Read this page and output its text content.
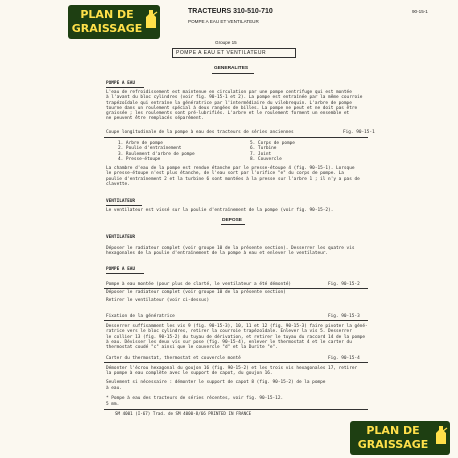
PLAN DE
GRAISSAGE
TRACTEURS 310-510-710
POMPE A EAU ET VENTILATEUR
90-15-1
Groupe 15
POMPE A EAU ET VENTILATEUR
GENERALITES
POMPE A EAU
L'eau de refroidissement est maintenue en circulation par une pompe centrifuge qui est montée
à l'avant du bloc cylindres (voir fig. 90-15-1 et 2). La pompe est entraînée par la même courroie
trapézoïdale qui entraîne la génératrice par l'intermédiaire du vilebrequin. L'arbre de pompe
tourne dans un roulement spécial à deux rangées de billes. La pompe ne peut et ne doit pas être
graissée ; les roulements sont pré-lubrifiés. L'arbre et le roulement forment un ensemble et
ne peuvent être remplacés séparément.
Coupe longitudinale de la pompe à eau des tracteurs de séries anciennes	Fig. 90-15-1
1. Arbre de pompe
2. Poulie d'entraînement
3. Roulement d'arbre de pompe
4. Presse-étoupe
5. Corps de pompe
6. Turbine
7. Joint
8. Couvercle
La chambre d'eau de la pompe est rendue étanche par le presse-étoupe 4 (fig. 90-15-1). Lorsque
le presse-étoupe n'est plus étanche, de l'eau sort par l'orifice "e" du corps de pompe. La
poulie d'entraînement 2 et la turbine 6 sont montées à la presse sur l'arbre 1 ; il n'y a pas de
clavette.
VENTILATEUR
Le ventilateur est vissé sur la poulie d'entraînement de la pompe (voir fig. 90-15-2).
DEPOSE
VENTILATEUR
Déposer le radiateur complet (voir groupe 10 de la présente section). Desserrer les quatre vis
hexagonales de la poulie d'entraînement de la pompe à eau et enlever le ventilateur.
POMPE A EAU
Pompe à eau montée (pour plus de clarté, le ventilateur a été démonté)	Fig. 90-15-2
Déposer le radiateur complet (voir groupe 10 de la présente section)
Retirer le ventilateur (voir ci-dessus)
Fixation de la génératrice	Fig. 90-15-3
Desserrer suffisamment les vis 9 (fig. 90-15-3), 10, 11 et 12 (fig. 90-15-3) faire pivoter la géné-
ratrice vers le bloc cylindres, retirer la courroie trapézoïdale. Enlever la vis 5. Desserrer
le collier 13 (fig. 90-15-2) du tuyau de dérivation, et retirer le tuyau du raccord 14 de la pompe
à eau. Dévisser les deux vis sur pose (fig. 90-15-4), enlever le thermostat 4 et le carter du
thermostat coudé "c" ainsi que le couvercle "d" et la Durite "e".
Carter du thermostat, thermostat et couvercle monté	Fig. 90-15-4
Démonter l'écrou hexagonal du goujon 16 (fig. 90-15-2) et les trois vis hexagonales 17, retirer
la pompe à eau complète avec le support de capot, du goujon 16.
Seulement si nécessaire : démonter le support de capot 8 (fig. 90-15-2) de la pompe
à eau.
* Pompe à eau des tracteurs de séries récentes, voir fig. 90-15-12.
5 mm.
SM 4001 (I-67) Trad. de SM 4000-8/66 PRINTED IN FRANCE
PLAN DE
GRAISSAGE
